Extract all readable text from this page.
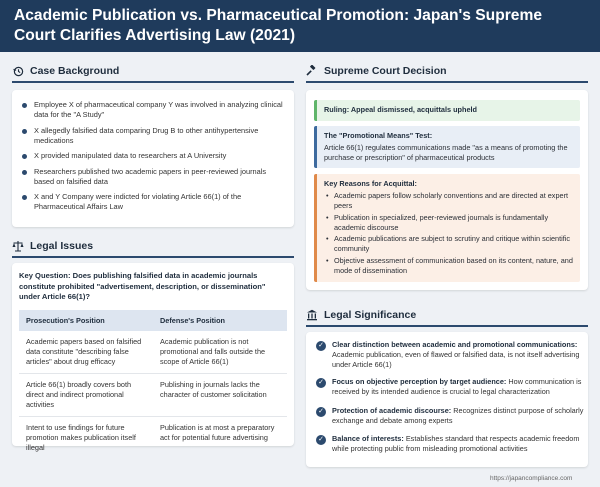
Academic Publication vs. Pharmaceutical Promotion: Japan's Supreme Court Clarifies Advertising Law (2021)
Case Background
Employee X of pharmaceutical company Y was involved in analyzing clinical data for the "A Study"
X allegedly falsified data comparing Drug B to other antihypertensive medications
X provided manipulated data to researchers at A University
Researchers published two academic papers in peer-reviewed journals based on falsified data
X and Y Company were indicted for violating Article 66(1) of the Pharmaceutical Affairs Law
Legal Issues
Key Question: Does publishing falsified data in academic journals constitute prohibited "advertisement, description, or dissemination" under Article 66(1)?
Prosecution's Position	Defense's Position
Academic papers based on falsified data constitute "describing false articles" about drug efficacy	Academic publication is not promotional and falls outside the scope of Article 66(1)
Article 66(1) broadly covers both direct and indirect promotional activities	Publishing in journals lacks the character of customer solicitation
Intent to use findings for future promotion makes publication itself illegal	Publication is at most a preparatory act for potential future advertising
Supreme Court Decision
Ruling: Appeal dismissed, acquittals upheld
The "Promotional Means" Test:
Article 66(1) regulates communications made "as a means of promoting the purchase or prescription" of pharmaceutical products
Key Reasons for Acquittal:
• Academic papers follow scholarly conventions and are directed at expert peers
• Publication in specialized, peer-reviewed journals is fundamentally academic discourse
• Academic publications are subject to scrutiny and critique within scientific community
• Objective assessment of communication based on its content, nature, and mode of dissemination
Legal Significance
✓ Clear distinction between academic and promotional communications: Academic publication, even of flawed or falsified data, is not itself advertising under Article 66(1)
✓ Focus on objective perception by target audience: How communication is received by its intended audience is crucial to legal characterization
✓ Protection of academic discourse: Recognizes distinct purpose of scholarly exchange and debate among experts
✓ Balance of interests: Establishes standard that respects academic freedom while protecting public from misleading promotional activities
https://japancompliance.com
